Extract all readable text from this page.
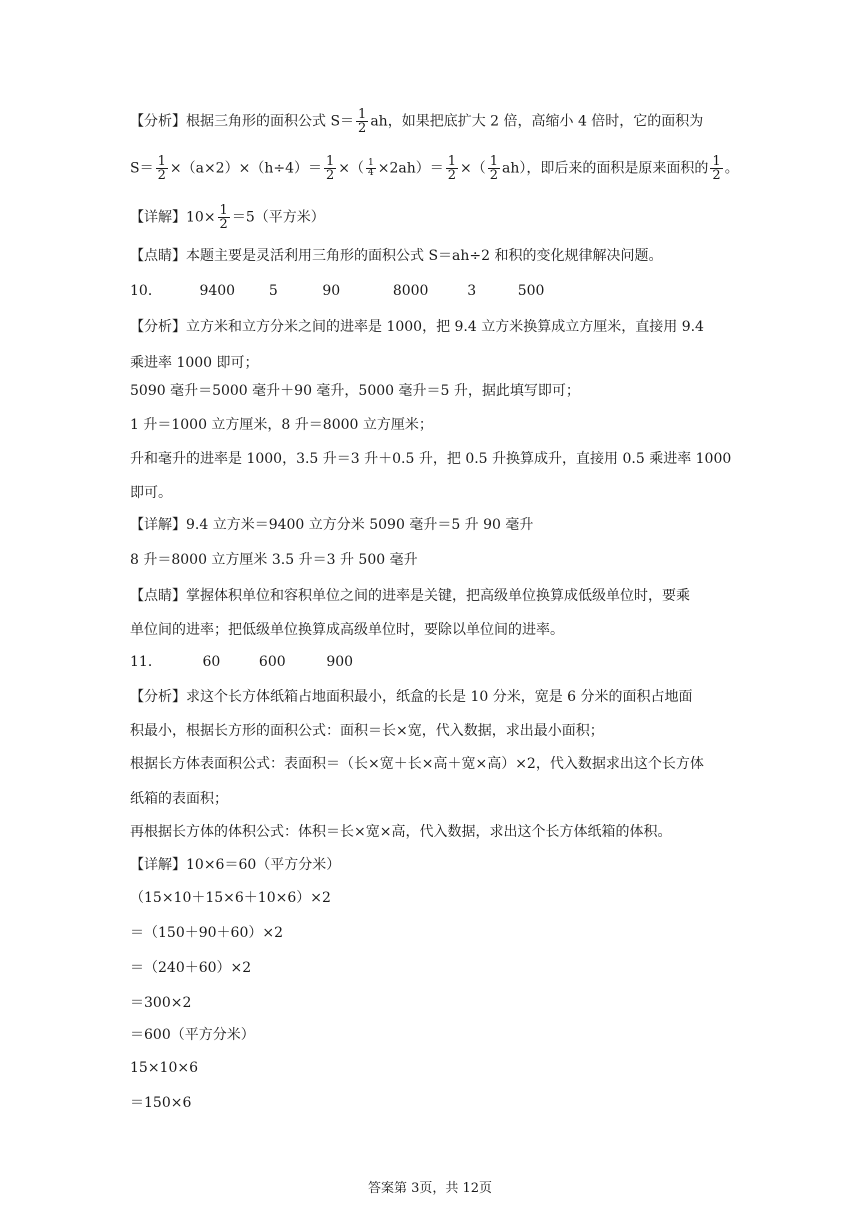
【分析】根据三角形的面积公式 $S= \frac{1}{2}$ ah，如果把底扩大 2 倍，高缩小 4 倍时，它的面积为
$S= \frac{1}{2} \times(a\times 2)\times(h\div 4)= \frac{1}{2}$ ×（ $\frac{1}{4} \times 2ah)= \frac{1}{2}$ ×（ $\frac{1}{2} ah$），即后来的面积是原来面积的 $\frac{1}{2}$ 。
【详解】$10\times \frac{1}{2} =5$（平方米）
【点睛】本题主要是灵活利用三角形的面积公式 S＝ah÷2 和积的变化规律解决问题。
10．	9400 5	90	8000	3	500
【分析】立方米和立方分米之间的进率是 1000，把 9.4 立方米换算成立方厘米，直接用 9.4
乘进率 1000 即可；
5090 毫升＝5000 毫升＋90 毫升，5000 毫升＝5 升，据此填写即可；
1 升＝1000 立方厘米，8 升＝8000 立方厘米；
升和毫升的进率是 1000，3.5 升＝3 升＋0.5 升，把 0.5 升换算成升，直接用 0.5 乘进率 1000
即可。
【详解】9.4 立方米＝9400 立方分米 5090 毫升＝5 升 90 毫升
8 升＝8000 立方厘米 3.5 升＝3 升 500 毫升
【点睛】掌握体积单位和容积单位之间的进率是关键，把高级单位换算成低级单位时，要乘
单位间的进率；把低级单位换算成高级单位时，要除以单位间的进率。
11．	60	600	900
【分析】求这个长方体纸箱占地面积最小，纸盒的长是 10 分米，宽是 6 分米的面积占地面
积最小，根据长方形的面积公式：面积＝长×宽，代入数据，求出最小面积；
根据长方体表面积公式：表面积＝（长×宽＋长×高＋宽×高）×2，代入数据求出这个长方体
纸箱的表面积；
再根据长方体的体积公式：体积＝长×宽×高，代入数据，求出这个长方体纸箱的体积。
【详解】10×6＝60（平方分米）
（15×10＋15×6＋10×6）×2
＝（150＋90＋60）×2
＝（240＋60）×2
＝300×2
＝600（平方分米）
15×10×6
＝150×6
答案第 3页，共 12页
